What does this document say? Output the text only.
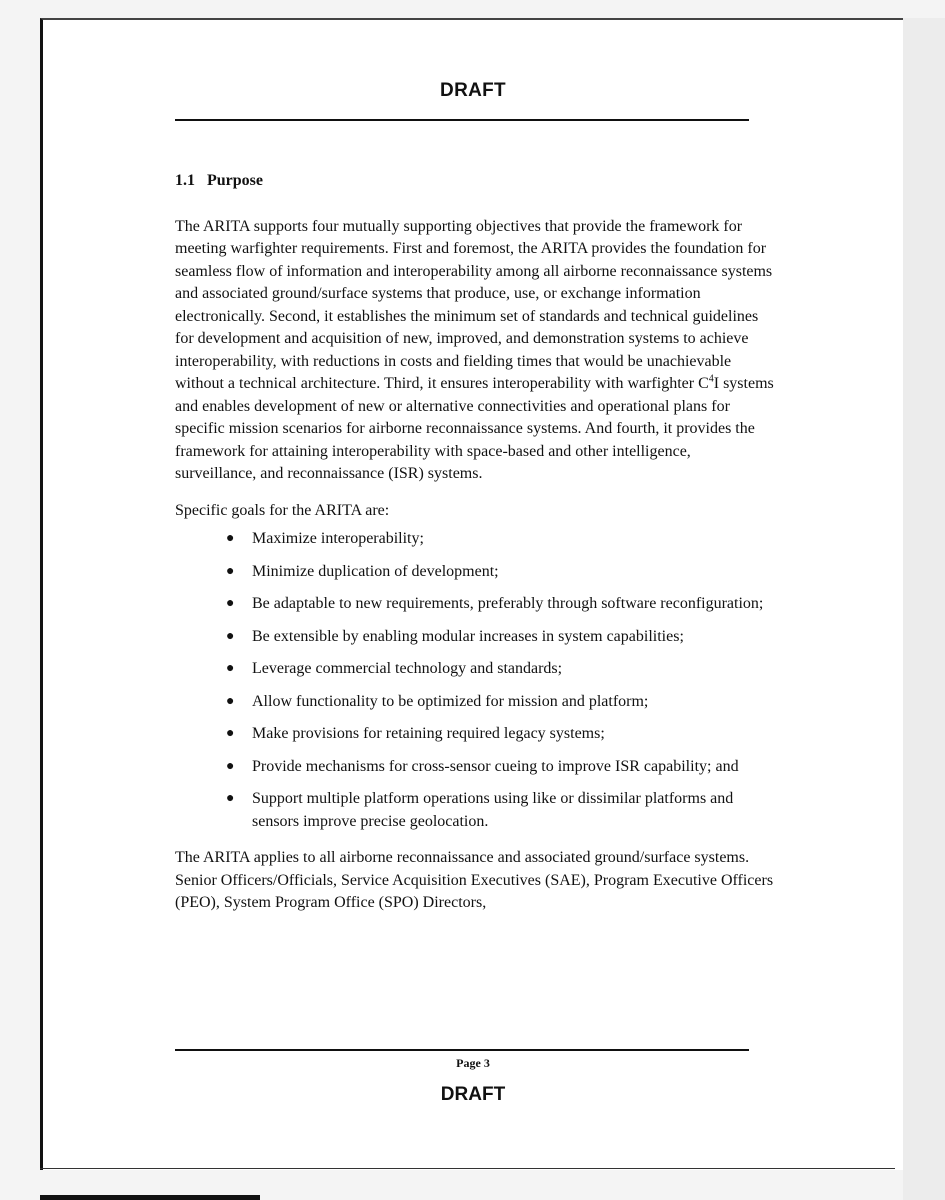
DRAFT
1.1 Purpose

The ARITA supports four mutually supporting objectives that provide the framework for meeting warfighter requirements. First and foremost, the ARITA provides the foundation for seamless flow of information and interoperability among all airborne reconnaissance systems and associated ground/surface systems that produce, use, or exchange information electronically. Second, it establishes the minimum set of standards and technical guidelines for development and acquisition of new, improved, and demonstration systems to achieve interoperability, with reductions in costs and fielding times that would be unachievable without a technical architecture. Third, it ensures interoperability with warfighter $C^4I$ systems and enables development of new or alternative connectivities and operational plans for specific mission scenarios for airborne reconnaissance systems. And fourth, it provides the framework for attaining interoperability with space-based and other intelligence, surveillance, and reconnaissance (ISR) systems.

Specific goals for the ARITA are:

● Maximize interoperability;
● Minimize duplication of development;
● Be adaptable to new requirements, preferably through software reconfiguration;
● Be extensible by enabling modular increases in system capabilities;
● Leverage commercial technology and standards;
● Allow functionality to be optimized for mission and platform;
● Make provisions for retaining required legacy systems;
● Provide mechanisms for cross-sensor cueing to improve ISR capability; and
● Support multiple platform operations using like or dissimilar platforms and sensors improve precise geolocation.

The ARITA applies to all airborne reconnaissance and associated ground/surface systems. Senior Officers/Officials, Service Acquisition Executives (SAE), Program Executive Officers (PEO), System Program Office (SPO) Directors,

Page 3
DRAFT
